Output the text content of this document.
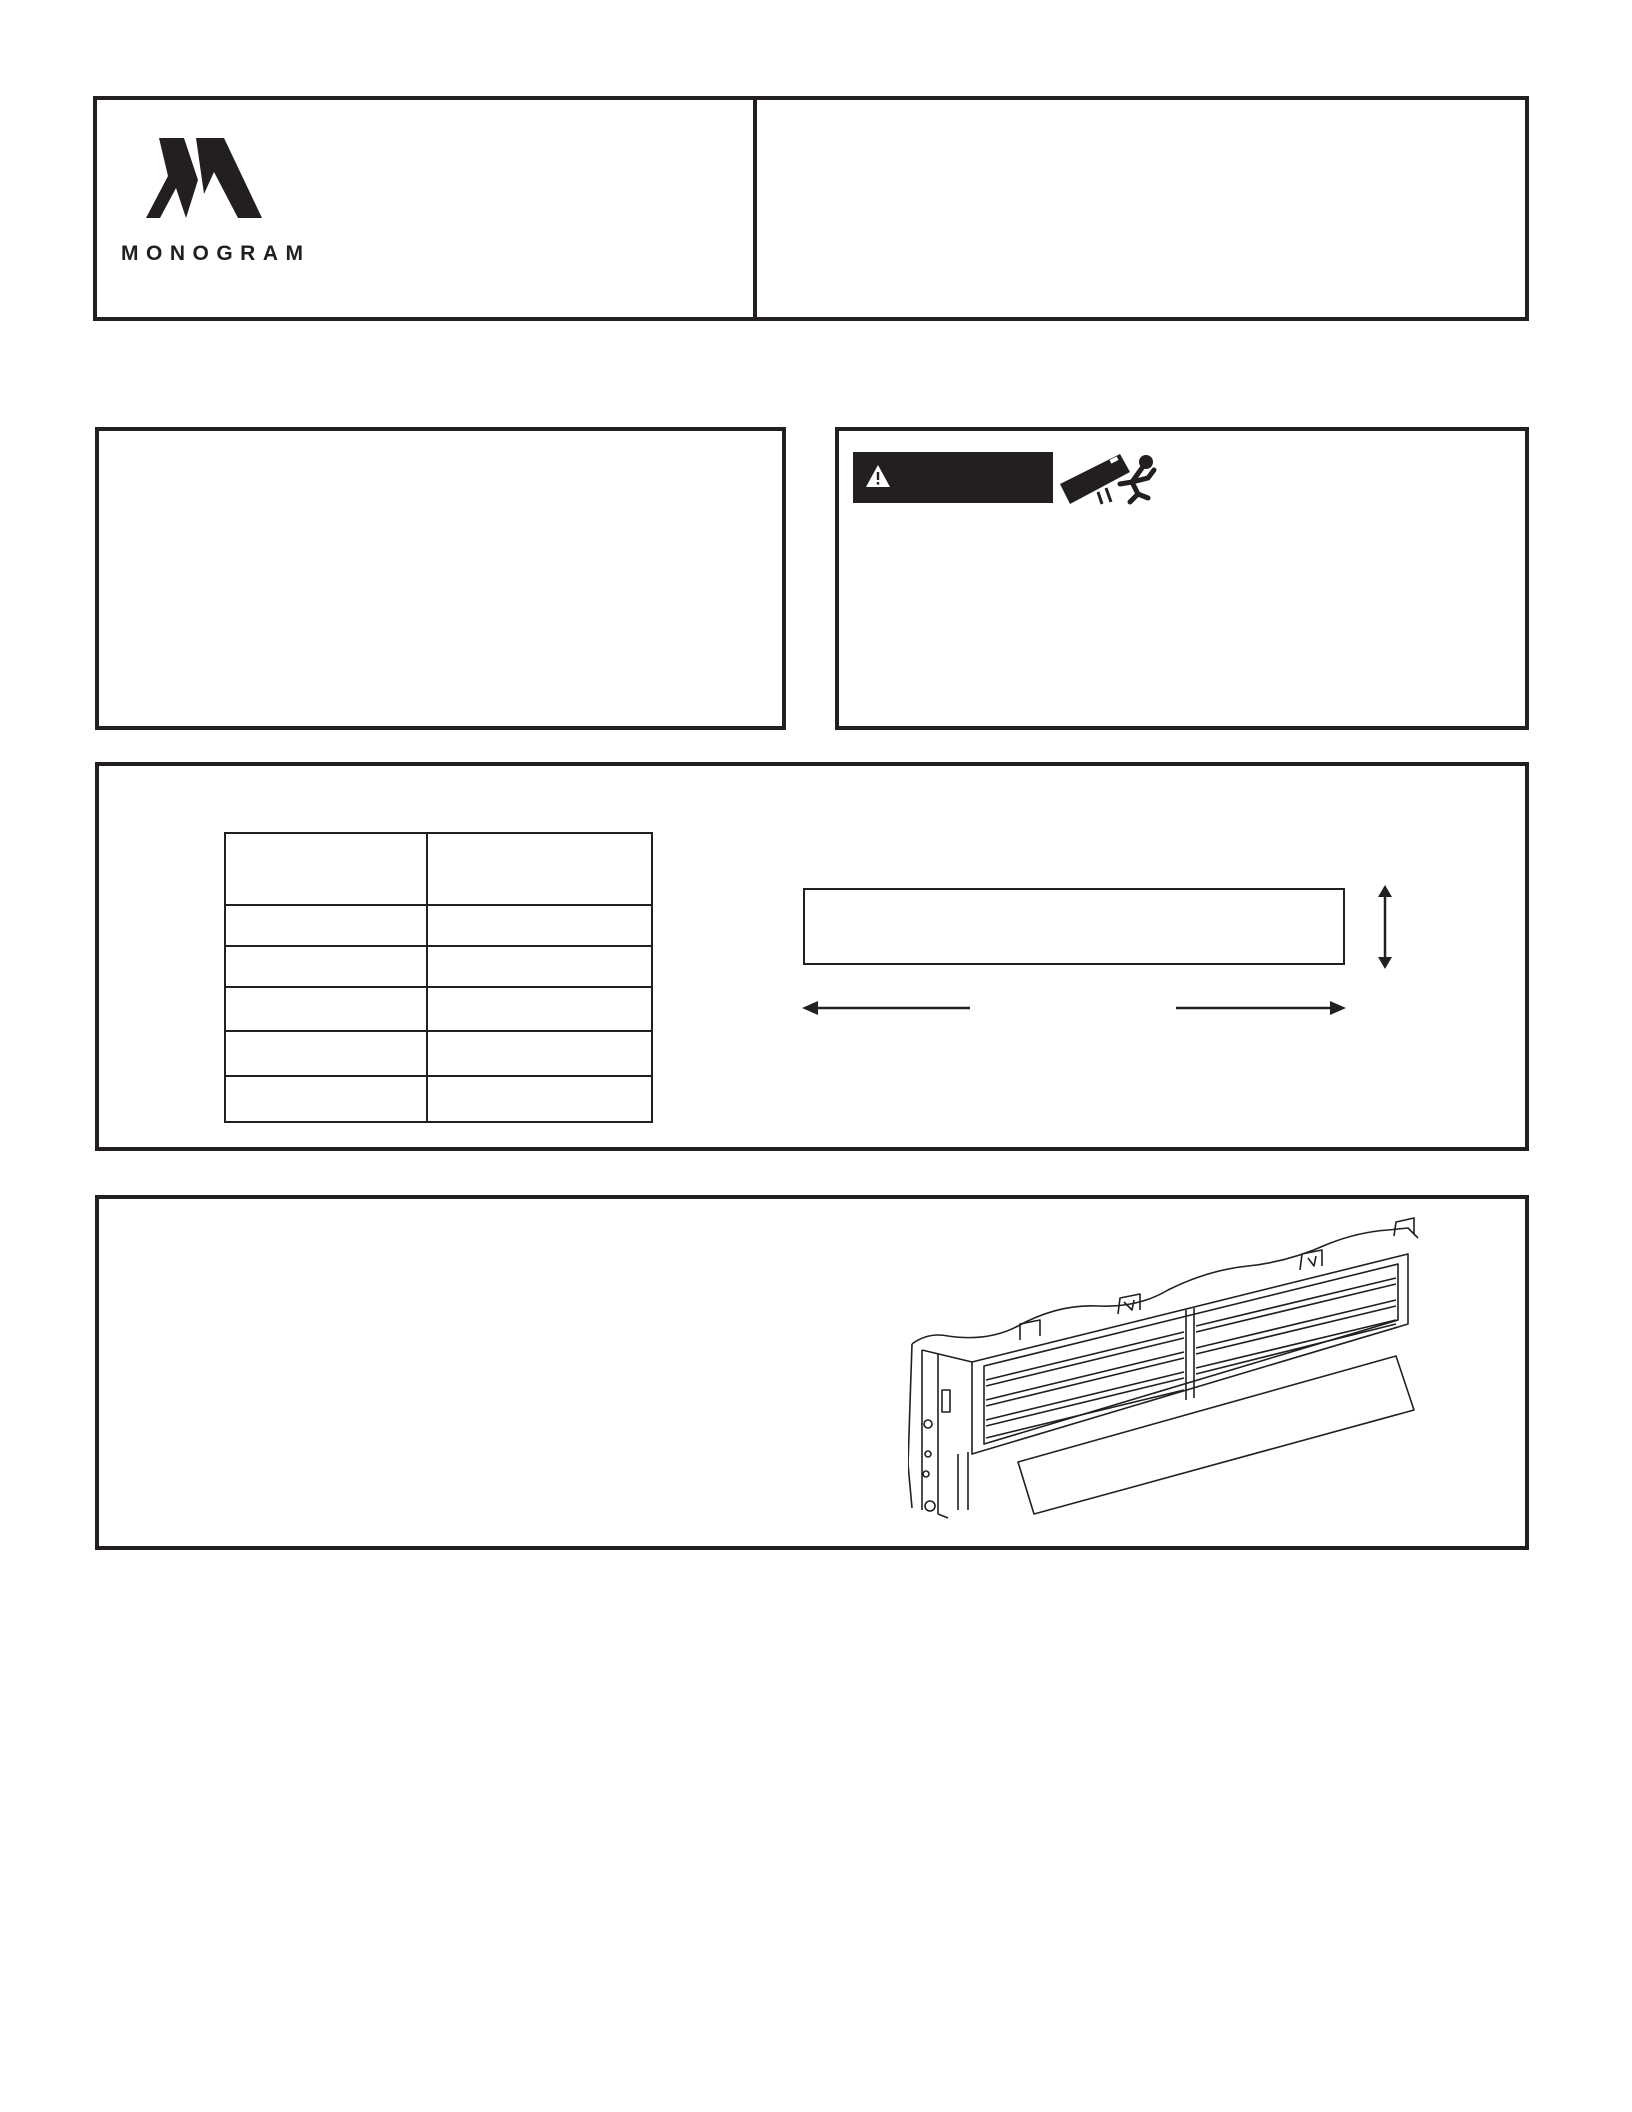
MONOGRAM
